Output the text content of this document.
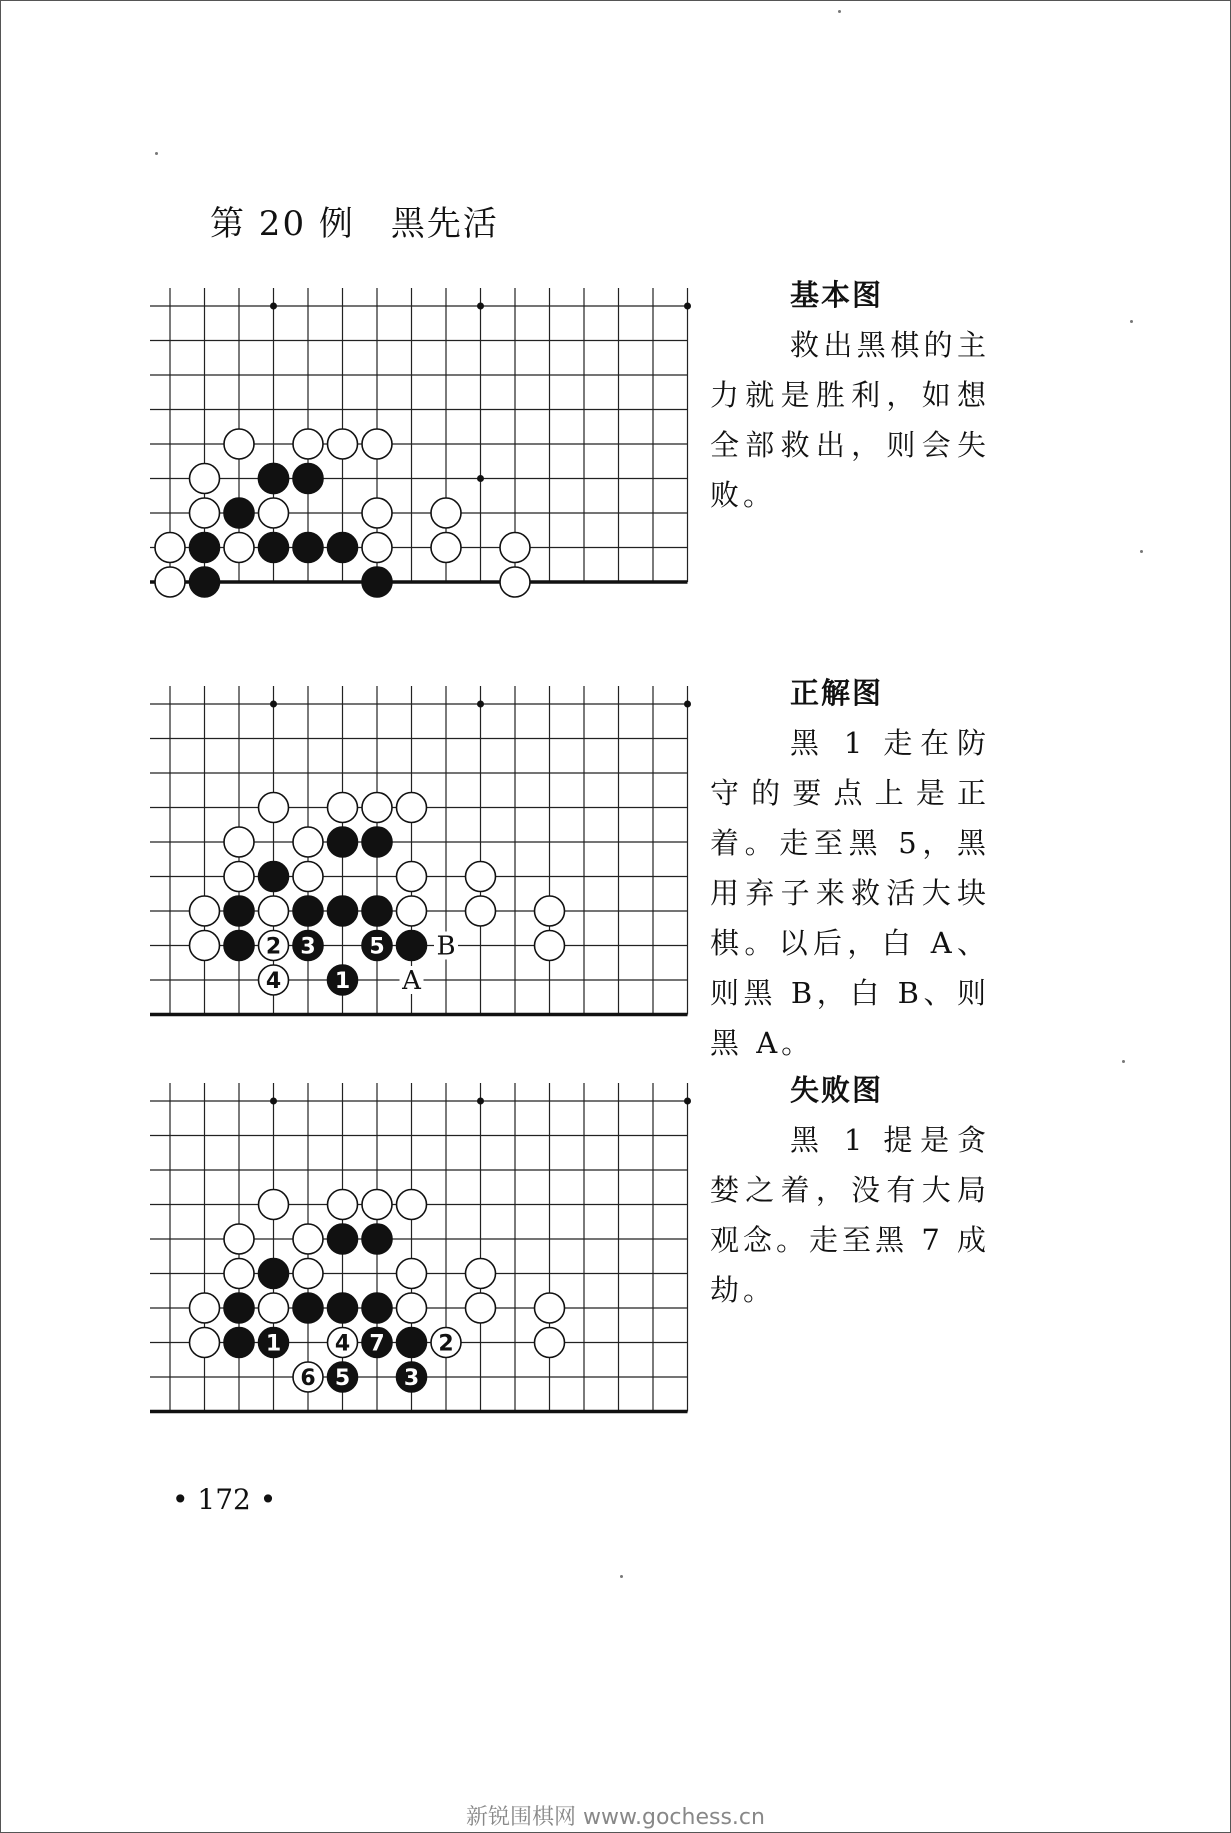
第 20 例　黑先活
基本图
救出黑棋的主力就是胜利，如想全部救出，则会失败。
2 3
4 1
5 B
A
正解图
黑 1 走在防守的要点上是正着。走至黑 5，黑用弃子来救活大块棋。以后，白 A、则黑 B，白 B、则黑 A。
1 4 7 2
6 5 3
失败图
黑 1 提是贪婪之着，没有大局观念。走至黑 7 成劫。
• 172 •
新锐围棋网 www.gochess.cn
